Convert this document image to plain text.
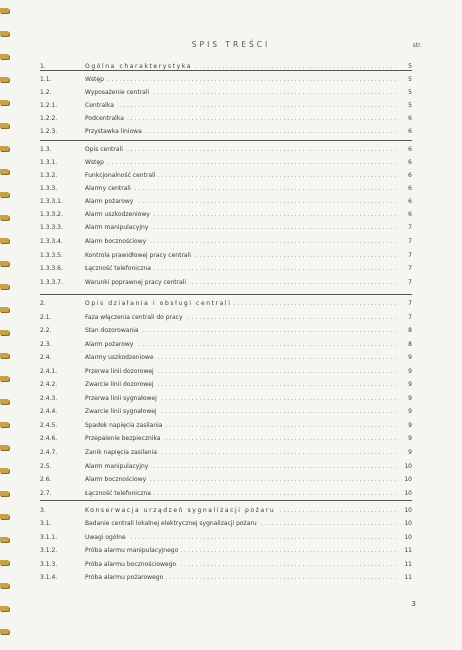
SPIS TREŚCI	str.
1. . . .	Ogólna charakterystyka	5
1.1. . . .	Wstęp	5
1.2. . . .	Wyposażenie centrali	5
1.2.1. . . .	Centralka	5
1.2.2. . . .	Podcentralka	6
1.2.3. . . .	Przystawka liniowa	6
1.3. . . .	Opis centrali	6
1.3.1. . . .	Wstęp	6
1.3.2. . . .	Funkcjonalność centrali	6
1.3.3. . . .	Alarmy centrali	6
1.3.3.1. . . .	Alarm pożarowy	6
1.3.3.2. . . .	Alarm uszkodzeniowy	6
1.3.3.3. . . .	Alarm manipulacyjny	7
1.3.3.4. . . .	Alarm bocznościowy	7
1.3.3.5. . . .	Kontrola prawidłowej pracy centrali	7
1.3.3.6. . . .	Łączność telefoniczna	7
1.3.3.7. . . .	Warunki poprawnej pracy centrali	7
2. . . .	Opis działania i obsługi centrali	7
2.1. . . .	Faza włączenia centrali do pracy	7
2.2. . . .	Stan dozorowania	8
2.3. . . .	Alarm pożarowy	8
2.4. . . .	Alarmy uszkodzeniowe	9
2.4.1. . . .	Przerwa linii dozorowej	9
2.4.2. . . .	Zwarcie linii dozorowej	9
2.4.3. . . .	Przerwa linii sygnałowej	9
2.4.4. . . .	Zwarcie linii sygnałowej	9
2.4.5. . . .	Spadek napięcia zasilania	9
2.4.6. . . .	Przepalenie bezpiecznika	9
2.4.7. . . .	Zanik napięcia zasilania	9
2.5. . . .	Alarm manipulacyjny	10
2.6. . . .	Alarm bocznościowy	10
2.7. . . .	Łączność telefoniczna	10
3. . . .	Konserwacja urządzeń sygnalizacji pożaru	10
3.1. . . .	Badanie centrali lokalnej elektrycznej sygnalizacji pożaru	10
3.1.1. . . .	Uwagi ogólne	10
3.1.2. . . .	Próba alarmu manipulacyjnego	11
3.1.3. . . .	Próba alarmu bocznościowego	11
3.1.4. . . .	Próba alarmu pożarowego	11
3
